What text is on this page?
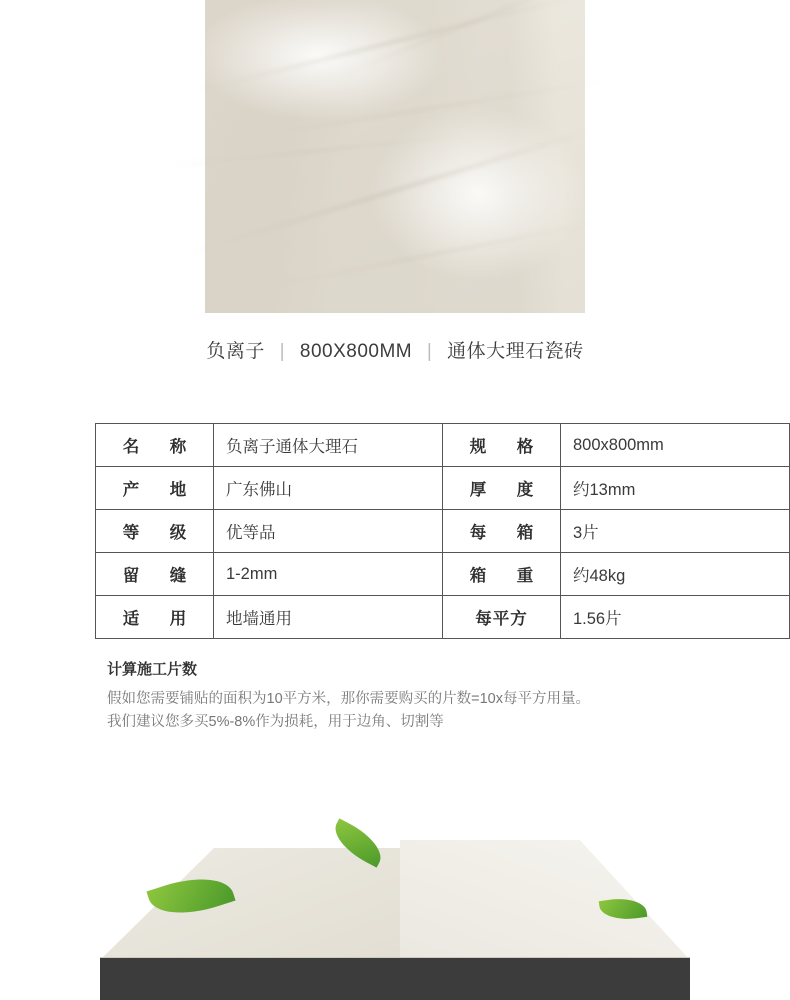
负离子 | 800X800MM | 通体大理石瓷砖
名　称	负离子通体大理石	规　格	800x800mm
产　地	广东佛山	厚　度	约13mm
等　级	优等品	每　箱	3片
留　缝	1-2mm	箱　重	约48kg
适　用	地墙通用	每平方	1.56片
计算施工片数
假如您需要铺贴的面积为10平方米，那你需要购买的片数=10x每平方用量。
我们建议您多买5%-8%作为损耗，用于边角、切割等
